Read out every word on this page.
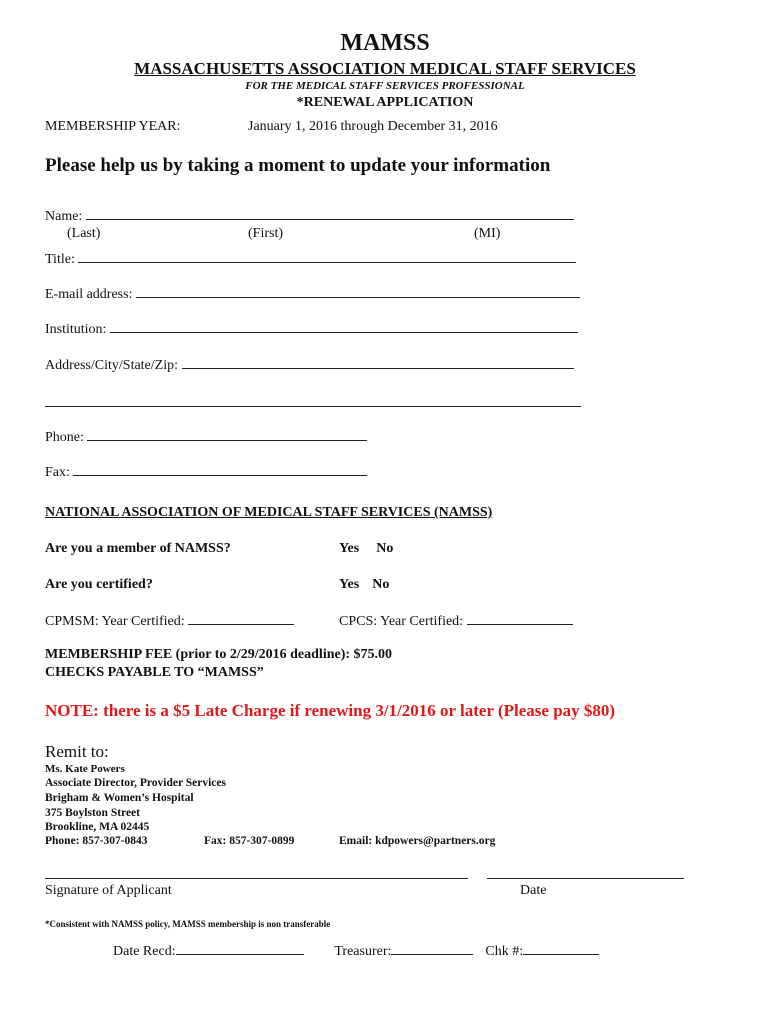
MAMSS
MASSACHUSETTS ASSOCIATION MEDICAL STAFF SERVICES
FOR THE MEDICAL STAFF SERVICES PROFESSIONAL
*RENEWAL APPLICATION
MEMBERSHIP YEAR:	January 1, 2016 through December 31, 2016
Please help us by taking a moment to update your information
Name:
(Last)	(First)	(MI)
Title:
E-mail address:
Institution:
Address/City/State/Zip:
Phone:
Fax:
NATIONAL ASSOCIATION OF MEDICAL STAFF SERVICES (NAMSS)
Are you a member of NAMSS?	Yes No
Are you certified?	Yes No
CPMSM: Year Certified:	CPCS: Year Certified:
MEMBERSHIP FEE (prior to 2/29/2016 deadline): $75.00
CHECKS PAYABLE TO “MAMSS”
NOTE: there is a $5 Late Charge if renewing 3/1/2016 or later (Please pay $80)
Remit to:
Ms. Kate Powers
Associate Director, Provider Services
Brigham & Women’s Hospital
375 Boylston Street
Brookline, MA 02445
Phone: 857-307-0843	Fax: 857-307-0899	Email: kdpowers@partners.org
Signature of Applicant	Date
*Consistent with NAMSS policy, MAMSS membership is non transferable
Date Recd:	Treasurer:	Chk #:
